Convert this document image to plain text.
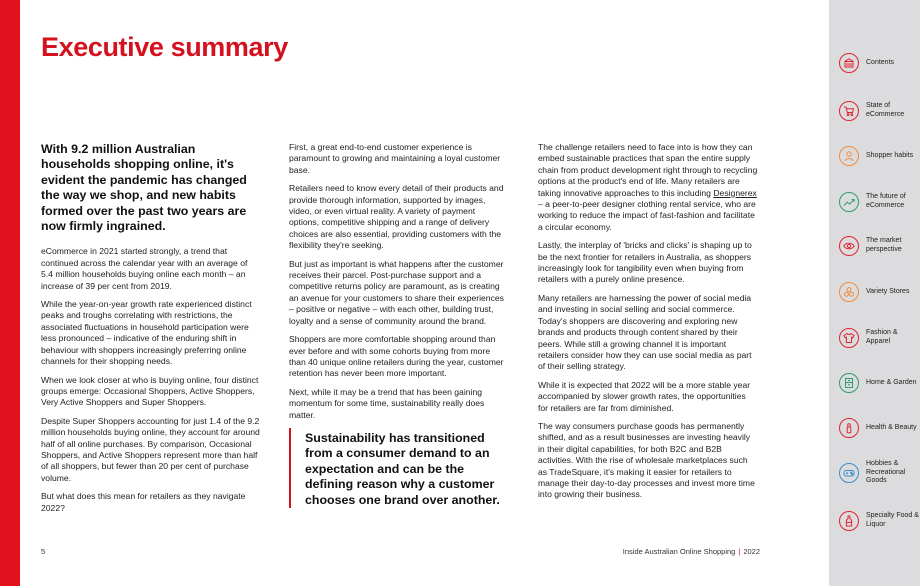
Executive summary

With 9.2 million Australian households shopping online, it's evident the pandemic has changed the way we shop, and new habits formed over the past two years are now firmly ingrained.

eCommerce in 2021 started strongly, a trend that continued across the calendar year with an average of 5.4 million households buying online each month – an increase of 39 per cent from 2019.

While the year-on-year growth rate experienced distinct peaks and troughs correlating with restrictions, the associated fluctuations in household participation were less pronounced – indicative of the enduring shift in behaviour with shoppers increasingly preferring online channels for their shopping needs.

When we look closer at who is buying online, four distinct groups emerge: Occasional Shoppers, Active Shoppers, Very Active Shoppers and Super Shoppers.

Despite Super Shoppers accounting for just 1.4 of the 9.2 million households buying online, they account for around half of all online purchases. By comparison, Occasional Shoppers, and Active Shoppers represent more than half of all shoppers, but fewer than 20 per cent of purchase volume.

But what does this mean for retailers as they navigate 2022?

First, a great end-to-end customer experience is paramount to growing and maintaining a loyal customer base.

Retailers need to know every detail of their products and provide thorough information, supported by images, video, or even virtual reality. A variety of payment options, competitive shipping and a range of delivery choices are also essential, providing customers with the flexibility they're seeking.

But just as important is what happens after the customer receives their parcel. Post-purchase support and a competitive returns policy are paramount, as is creating an avenue for your customers to share their experiences – positive or negative – with each other, building trust, loyalty and a sense of community around the brand.

Shoppers are more comfortable shopping around than ever before and with some cohorts buying from more than 40 unique online retailers during the year, customer retention has never been more important.

Next, while it may be a trend that has been gaining momentum for some time, sustainability really does matter.

Sustainability has transitioned from a consumer demand to an expectation and can be the defining reason why a customer chooses one brand over another.

The challenge retailers need to face into is how they can embed sustainable practices that span the entire supply chain from product development right through to recycling options at the product's end of life. Many retailers are taking innovative approaches to this including Designerex – a peer-to-peer designer clothing rental service, who are working to reduce the impact of fast-fashion and facilitate a circular economy.

Lastly, the interplay of 'bricks and clicks' is shaping up to be the next frontier for retailers in Australia, as shoppers increasingly look for tangibility even when buying from retailers with a purely online presence.

Many retailers are harnessing the power of social media and investing in social selling and social commerce. Today's shoppers are discovering and exploring new brands and products through content shared by their peers. While still a growing channel it is important retailers consider how they can use social media as part of their selling strategy.

While it is expected that 2022 will be a more stable year accompanied by slower growth rates, the opportunities for retailers are far from diminished.

The way consumers purchase goods has permanently shifted, and as a result businesses are investing heavily in their digital capabilities, for both B2C and B2B activities. With the rise of wholesale marketplaces such as TradeSquare, it's making it easier for retailers to manage their day-to-day processes and invest more time into growing their business.

5	Inside Australian Online Shopping | 2022
Contents
State of eCommerce
Shopper habits
The future of eCommerce
The market perspective
Variety Stores
Fashion & Apparel
Home & Garden
Health & Beauty
Hobbies & Recreational Goods
Specialty Food & Liquor
